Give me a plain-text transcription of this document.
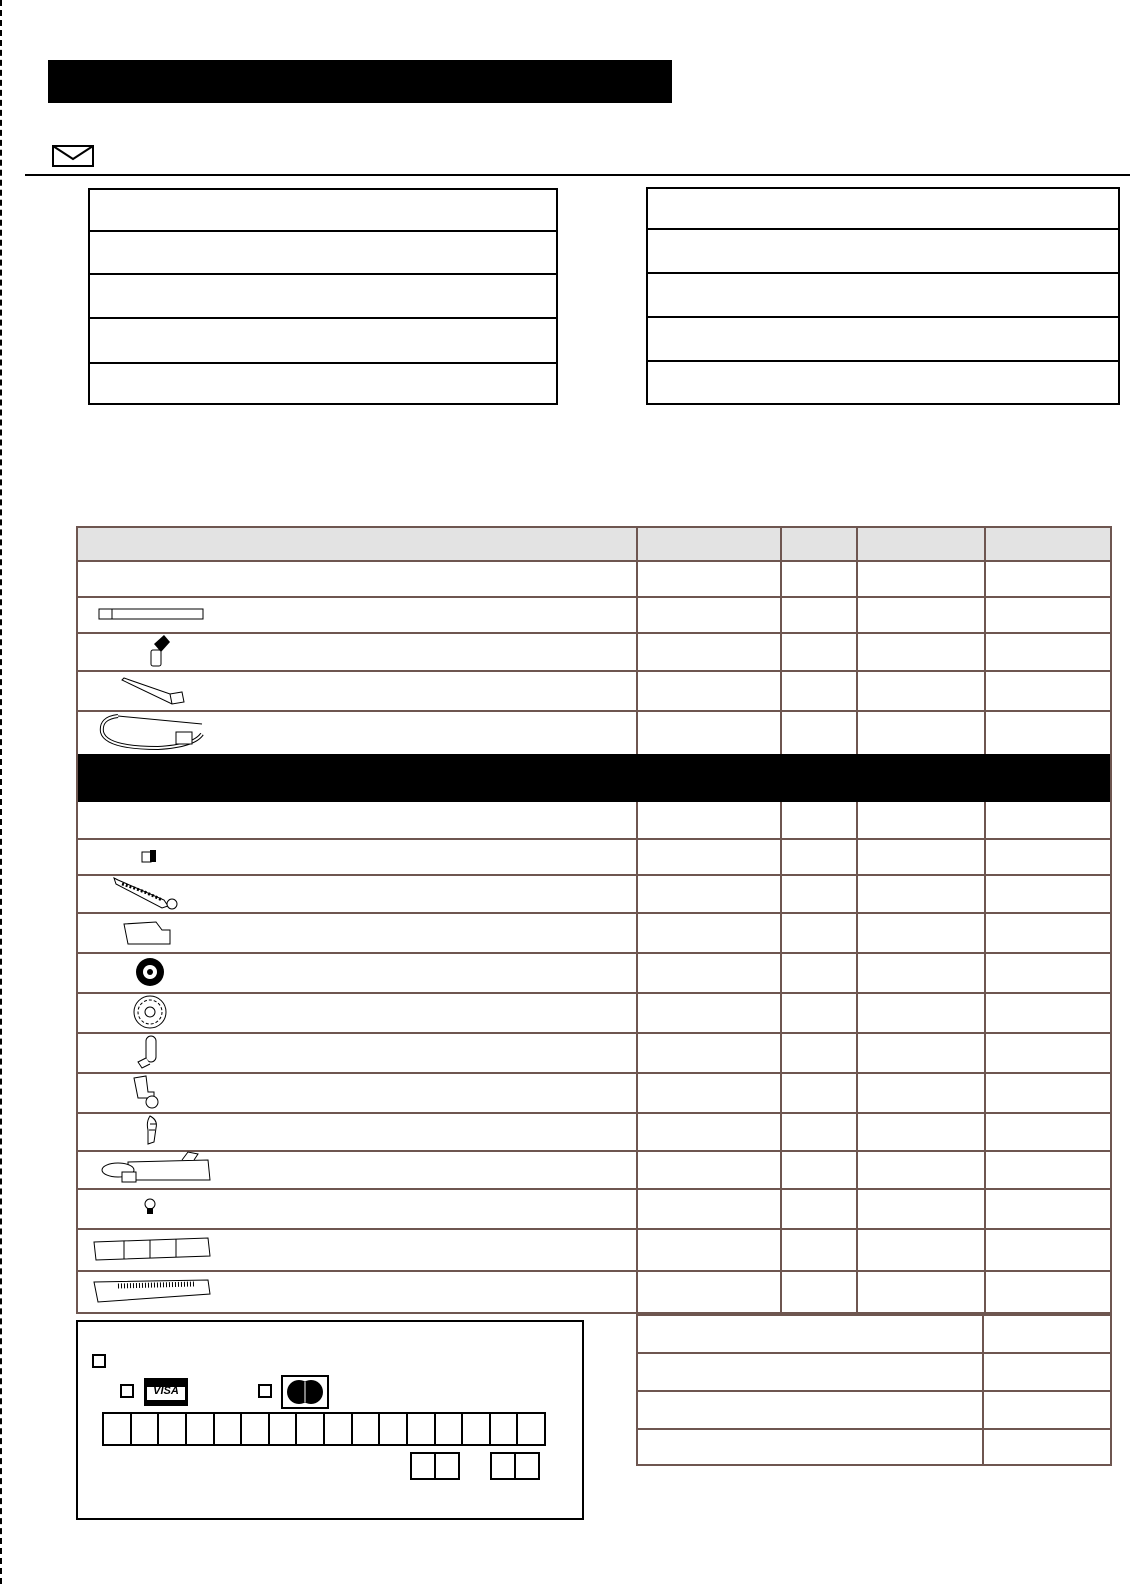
VISA
